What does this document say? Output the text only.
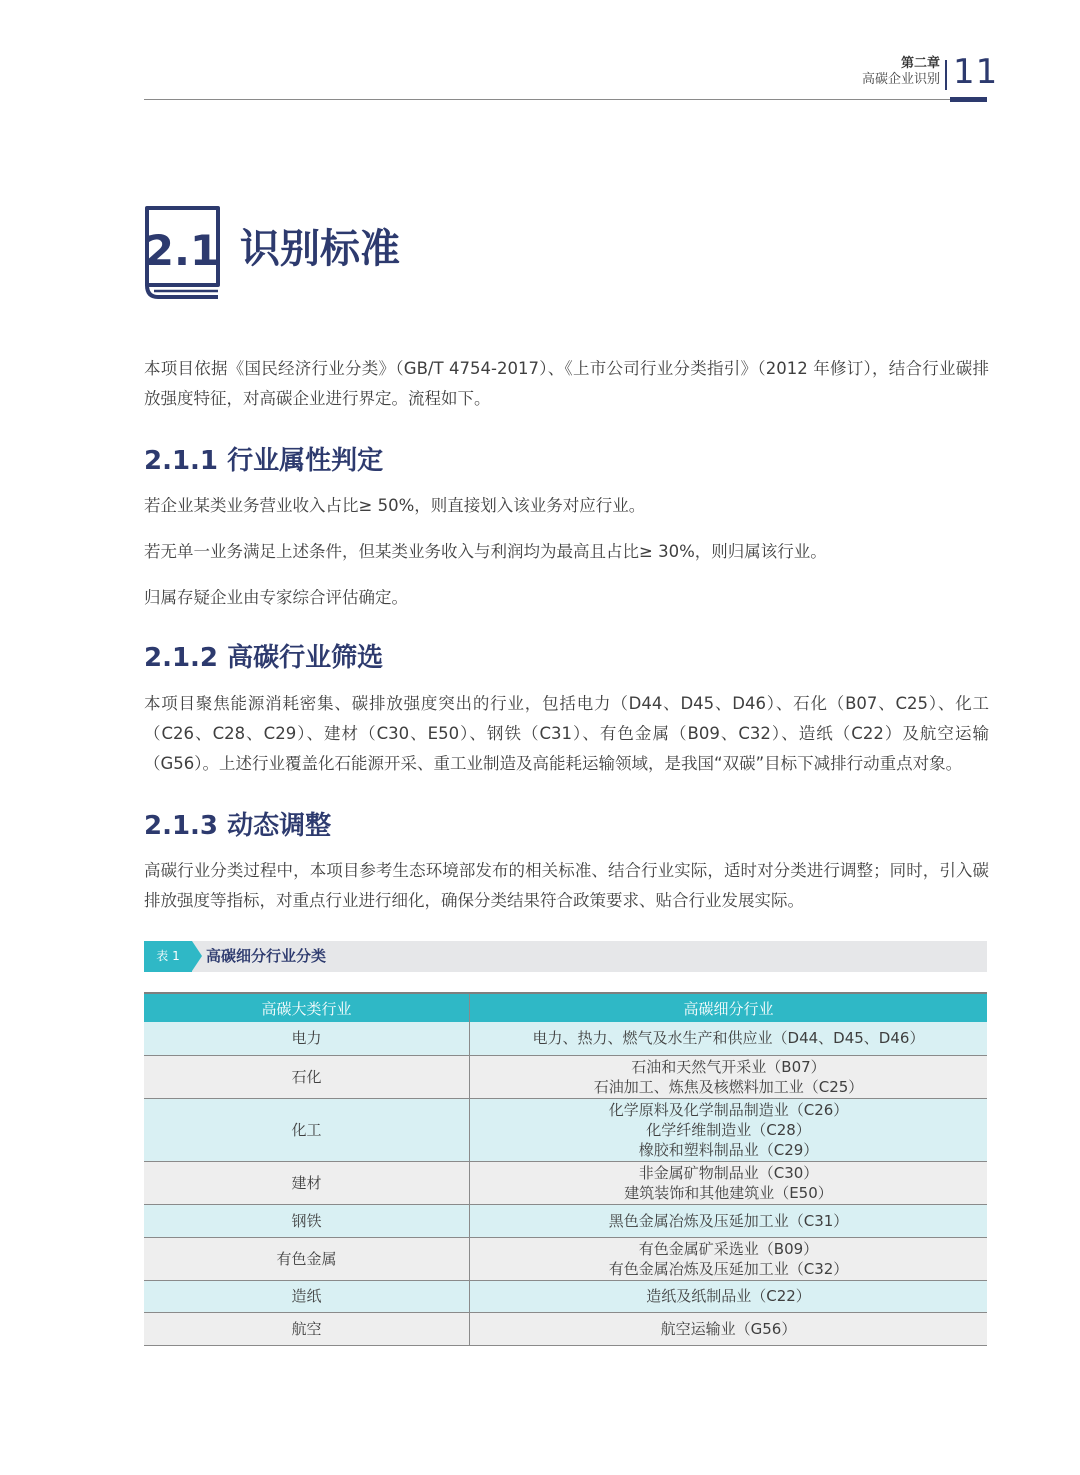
第二章
高碳企业识别 11
2.1 识别标准

本项目依据《国民经济行业分类》（GB/T 4754-2017）、《上市公司行业分类指引》（2012 年修订），结合行业碳排放强度特征，对高碳企业进行界定。流程如下。

2.1.1 行业属性判定

若企业某类业务营业收入占比≥ 50%，则直接划入该业务对应行业。

若无单一业务满足上述条件，但某类业务收入与利润均为最高且占比≥ 30%，则归属该行业。

归属存疑企业由专家综合评估确定。

2.1.2 高碳行业筛选

本项目聚焦能源消耗密集、碳排放强度突出的行业，包括电力（D44、D45、D46）、石化（B07、C25）、化工（C26、C28、C29）、建材（C30、E50）、钢铁（C31）、有色金属（B09、C32）、造纸（C22）及航空运输（G56）。上述行业覆盖化石能源开采、重工业制造及高能耗运输领域，是我国“双碳”目标下减排行动重点对象。

2.1.3 动态调整

高碳行业分类过程中，本项目参考生态环境部发布的相关标准、结合行业实际，适时对分类进行调整；同时，引入碳排放强度等指标，对重点行业进行细化，确保分类结果符合政策要求、贴合行业发展实际。

表 1	高碳细分行业分类
高碳大类行业	高碳细分行业
电力	电力、热力、燃气及水生产和供应业（D44、D45、D46）

石化	石油和天然气开采业（B07）
石油加工、炼焦及核燃料加工业（C25）

化工	化学原料及化学制品制造业（C26）
化学纤维制造业（C28）
橡胶和塑料制品业（C29）

建材	非金属矿物制品业（C30）
建筑装饰和其他建筑业（E50）

钢铁	黑色金属冶炼及压延加工业（C31）

有色金属	有色金属矿采选业（B09）
有色金属冶炼及压延加工业（C32）

造纸	造纸及纸制品业（C22）

航空	航空运输业（G56）
